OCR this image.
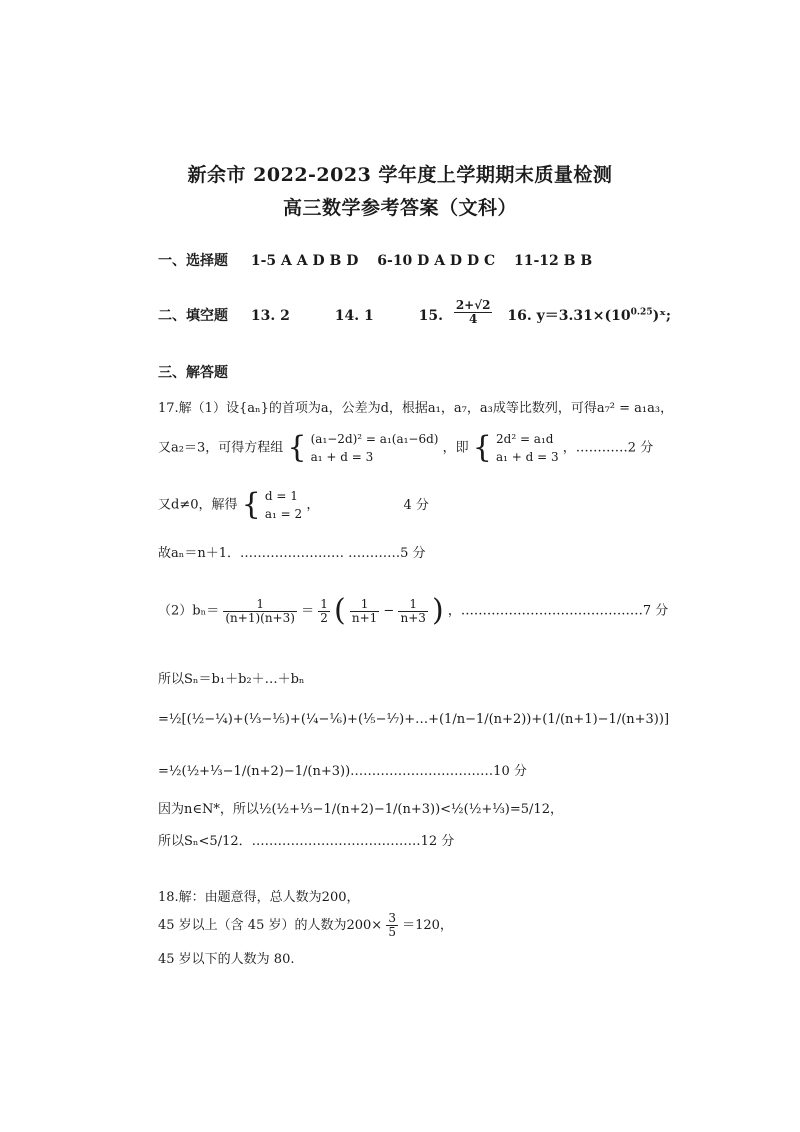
新余市 2022-2023 学年度上学期期末质量检测
高三数学参考答案（文科）
一、选择题 1-5 A A D B D 6-10 D A D D C 11-12 B B
二、填空题 13. 2	14. 1	15. $\frac{2+√2}{4} 16$. $y=3.31\times(10^{0.25})ˣ$;
三、解答题
17.解（1）设{aₙ}的首项为a，公差为d，根据a₁，a₇，a₃成等比数列，可得a₇² = a₁a₃，
又a₂＝3，可得方程组 { (a₁−2d)² = a₁(a₁−6d)
a₁ + d = 3
，即 { 2d² = a₁d
a₁ + d = 3
，…………2 分
又d≠0，解得 { d = 1
a₁ = 2
，	4 分
故aₙ＝n＋1．…………………… …………5 分
$(2)b_n= \frac{1}{(n+1)(n+3)} = \frac{1}{2}$ ( $\frac{1}{n+1} - \frac{1}{n+3}$ ) ，……………………………………7 分
所以Sₙ＝b₁＋b₂＋…＋bₙ
=½[(½−¼)+(⅓−⅕)+(¼−⅙)+(⅕−⅐)+…+(1/n−1/(n+2))+(1/(n+1)−1/(n+3))]
=½(½+⅓−1/(n+2)−1/(n+3))……………………………10 分
因为n∈N*，所以½(½+⅓−1/(n+2)−1/(n+3))<½(½+⅓)=5/12，
所以Sₙ<5/12．…………………………………12 分
18.解：由题意得，总人数为200，
45 岁以上（含 45 岁）的人数为$200\times \frac{3}{5} =120$，
45 岁以下的人数为 80.
